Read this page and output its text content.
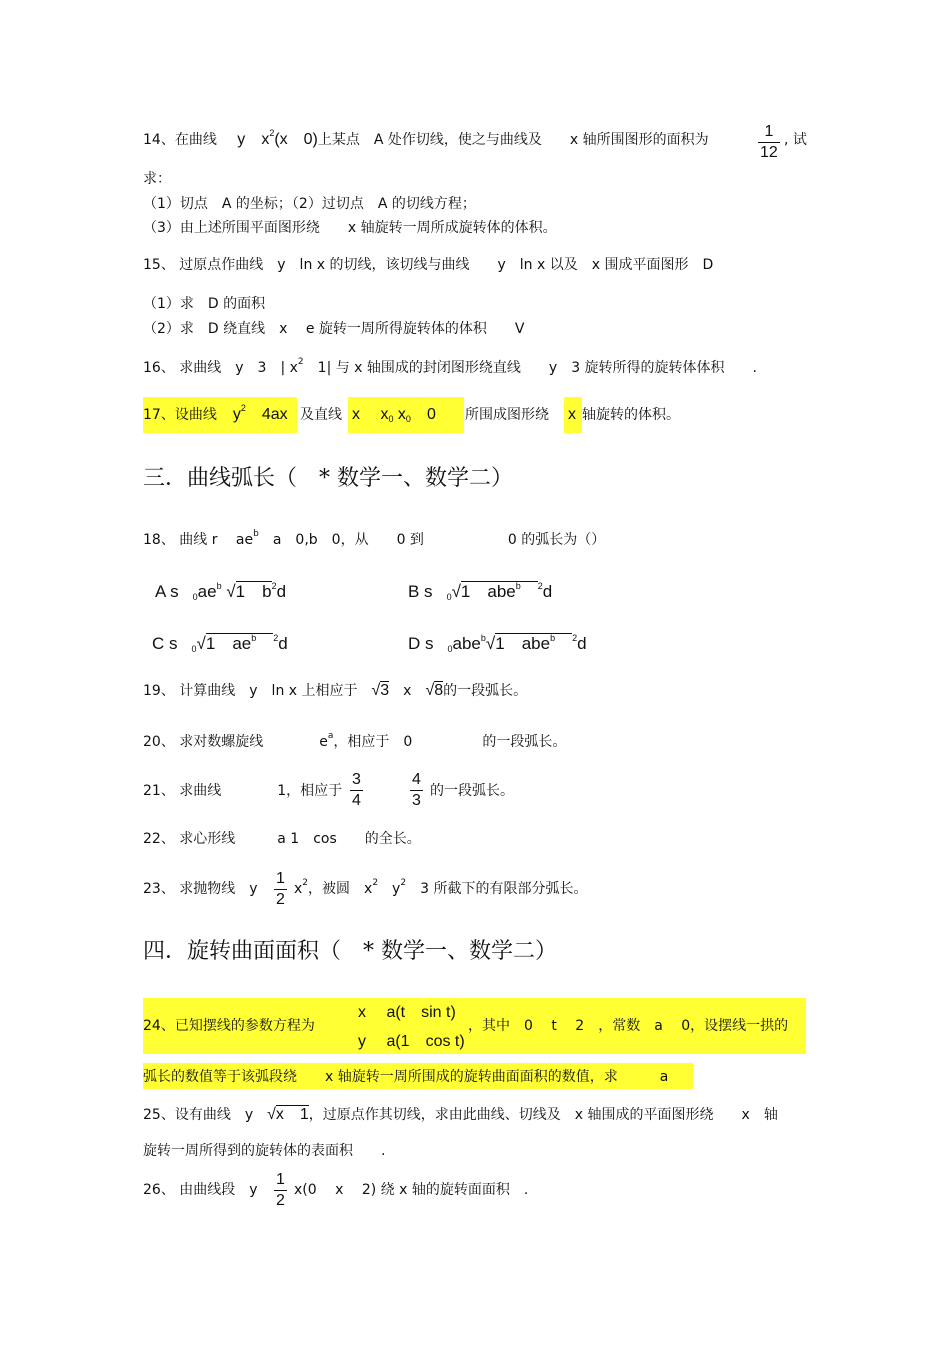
14、在曲线 　 y　 $x^2(x$　0)上某点　A 处作切线，使之与曲线及　　x 轴所围图形的面积为	$\frac{1}{12}$ , 试
求：
（1）切点　A 的坐标；（2）过切点　A 的切线方程；
（3）由上述所围平面图形绕　　x 轴旋转一周所成旋转体的体积。
15、 过原点作曲线　y　ln x 的切线，该切线与曲线　　y　ln x 以及　x 围成平面图形　D
（1）求　D 的面积
（2）求　D 绕直线　x　 e 旋转一周所得旋转体的体积　　V
16、 求曲线　y　3　| $x^2$　1| 与 x 轴围成的封闭图形绕直线　　y　3 旋转所得的旋转体体积　　.
17、设曲线　 $y^2$　4ax 及直线 x　 $x_0$ $x_0$　0 所围成图形绕 x 轴旋转的体积。
三．曲线弧长（　* 数学一、数学二）
18、 曲线 r　 $ae^b$　a　0,b　0，从　　0 到　　　　　　0 的弧长为（）
A s $_0ae^b$ √1　$b^2d$	B s $_0$√1　abe$^b$　 $^2$d
C s $_0$√1　$ae^b$　 $^2$d	D s $_0$abe$^b$√1　abe$^b$　 $^2$d
19、 计算曲线　y　ln x 上相应于　 √3　x　 √8的一段弧长。
20、 求对数螺旋线　　　　$e^a$，相应于　0　　　　　的一段弧长。
21、 求曲线　　　　1，相应于 $\frac{3}{4}$	$\frac{4}{3}$ 的一段弧长。
22、 求心形线　　　a 1　cos　　的全长。
23、 求抛物线　y $\frac{1}{2} x^2$，被圆　$x^2$　$y^2$　3 所截下的有限部分弧长。
四．旋转曲面面积（　* 数学一、数学二）
24、已知摆线的参数方程为
x　 a(t　sin t)
y　 a(1　cos t)
，其中　0　 t　 2　，常数　a　 0，设摆线一拱的
弧长的数值等于该弧段绕　　x 轴旋转一周所围成的旋转曲面面积的数值，求　　　a
25、设有曲线　y　 √x　1，过原点作其切线，求由此曲线、切线及　x 轴围成的平面图形绕　　x　轴
旋转一周所得到的旋转体的表面积　　.
26、 由曲线段　y $\frac{1}{2} x(0$　 x　 2) 绕 x 轴的旋转面面积　.
